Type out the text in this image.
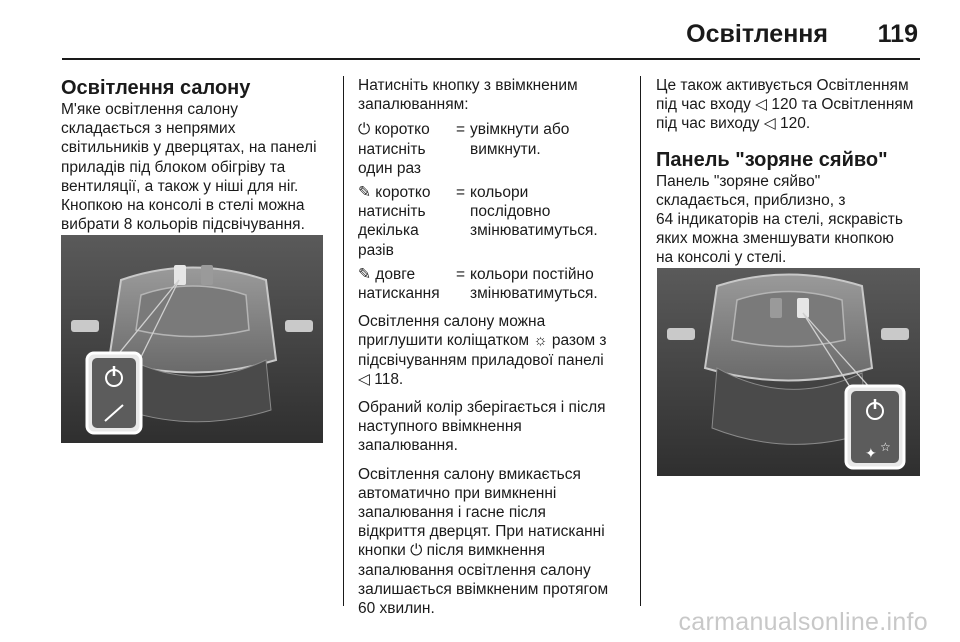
Освітлення 119
Освітлення салону

М'яке освітлення салону

складається з непрямих

світильників у дверцятах, на панелі

приладів під блоком обігріву та

вентиляції, а також у ніші для ніг.

Кнопкою на консолі в стелі можна

вибрати 8 кольорів підсвічування.

Натисніть кнопку з ввімкненим

запалюванням:

⏻ коротко

натисніть

один раз

= увімкнути або

вимкнути.

✎ коротко

натисніть

декілька

разів

= кольори

послідовно

змінюватимуться.

✎ довге

натискання

= кольори постійно

змінюватимуться.

Освітлення салону можна

приглушити коліщатком ☼ разом з

підсвічуванням приладової панелі

◁ 118.

Обраний колір зберігається і після

наступного ввімкнення

запалювання.

Освітлення салону вмикається

автоматично при вимкненні

запалювання і гасне після

відкриття дверцят. При натисканні

кнопки ⏻ після вимкнення

запалювання освітлення салону

залишається ввімкненим протягом

60 хвилин.

Це також активується Освітленням

під час входу ◁ 120 та Освітленням

під час виходу ◁ 120.

Панель "зоряне сяйво"

Панель "зоряне сяйво"

складається, приблизно, з

64 індикаторів на стелі, яскравість

яких можна зменшувати кнопкою

на консолі у стелі.

✦ ☆
carmanualsonline.info
